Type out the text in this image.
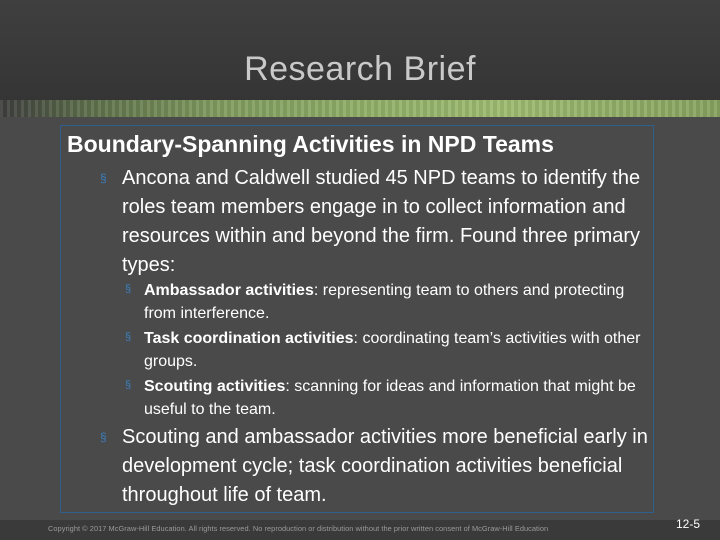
Research Brief
Boundary-Spanning Activities in NPD Teams
§ Ancona and Caldwell studied 45 NPD teams to identify the roles team members engage in to collect information and resources within and beyond the firm. Found three primary types:
§ Ambassador activities: representing team to others and protecting from interference.
§ Task coordination activities: coordinating team’s activities with other groups.
§ Scouting activities: scanning for ideas and information that might be useful to the team.
§ Scouting and ambassador activities more beneficial early in development cycle; task coordination activities beneficial throughout life of team.
Copyright © 2017 McGraw-Hill Education. All rights reserved. No reproduction or distribution without the prior written consent of McGraw-Hill Education	12-5
